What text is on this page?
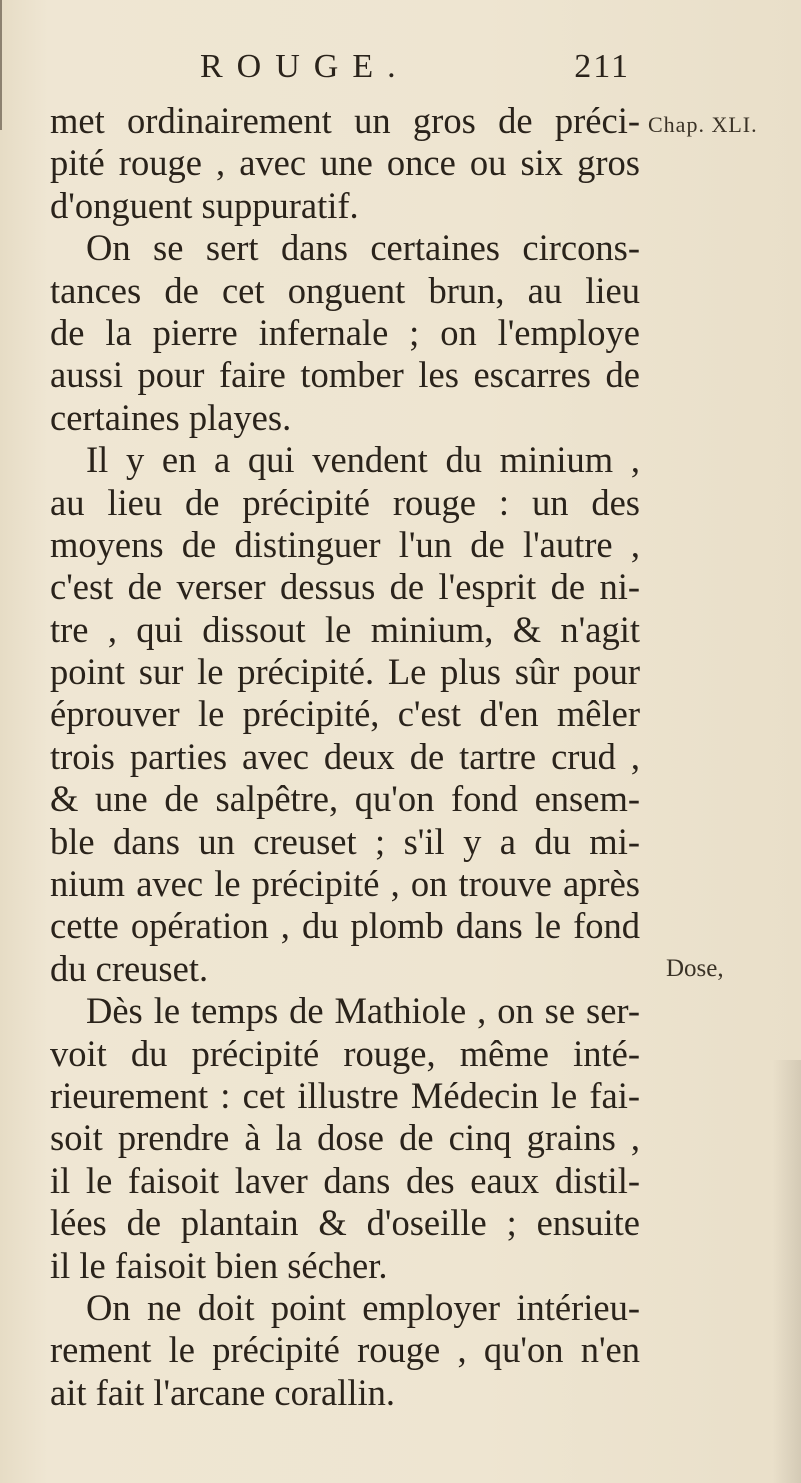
ROUGE.	211
Chap. XLI.
Dose,
met ordinairement un gros de préci-
pité rouge , avec une once ou six gros
d'onguent suppuratif.
On se sert dans certaines circons-
tances de cet onguent brun, au lieu
de la pierre infernale ; on l'employe
aussi pour faire tomber les escarres de
certaines playes.
Il y en a qui vendent du minium ,
au lieu de précipité rouge : un des
moyens de distinguer l'un de l'autre ,
c'est de verser dessus de l'esprit de ni-
tre , qui dissout le minium, & n'agit
point sur le précipité. Le plus sûr pour
éprouver le précipité, c'est d'en mêler
trois parties avec deux de tartre crud ,
& une de salpêtre, qu'on fond ensem-
ble dans un creuset ; s'il y a du mi-
nium avec le précipité , on trouve après
cette opération , du plomb dans le fond
du creuset.
Dès le temps de Mathiole , on se ser-
voit du précipité rouge, même inté-
rieurement : cet illustre Médecin le fai-
soit prendre à la dose de cinq grains ,
il le faisoit laver dans des eaux distil-
lées de plantain & d'oseille ; ensuite
il le faisoit bien sécher.
On ne doit point employer intérieu-
rement le précipité rouge , qu'on n'en
ait fait l'arcane corallin.
